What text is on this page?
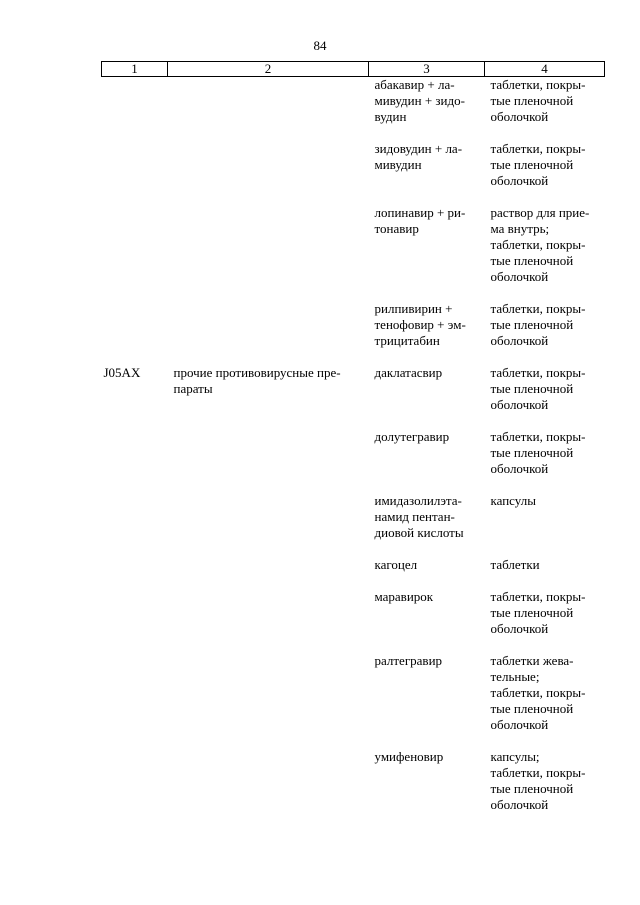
84
1	2	3	4

		абакавир + ла-
мивудин + зидо-
вудин	таблетки, покры-
тые пленочной
оболочкой

		зидовудин + ла-
мивудин	таблетки, покры-
тые пленочной
оболочкой

		лопинавир + ри-
тонавир	раствор для прие-
ма внутрь;
таблетки, покры-
тые пленочной
оболочкой

		рилпивирин +
тенофовир + эм-
трицитабин	таблетки, покры-
тые пленочной
оболочкой

J05AX	прочие противовирусные пре-
параты	даклатасвир	таблетки, покры-
тые пленочной
оболочкой

		долутегравир	таблетки, покры-
тые пленочной
оболочкой

		имидазолилэта-
намид пентан-
диовой кислоты	капсулы

		кагоцел	таблетки

		маравирок	таблетки, покры-
тые пленочной
оболочкой

		ралтегравир	таблетки жева-
тельные;
таблетки, покры-
тые пленочной
оболочкой

		умифеновир	капсулы;
таблетки, покры-
тые пленочной
оболочкой
